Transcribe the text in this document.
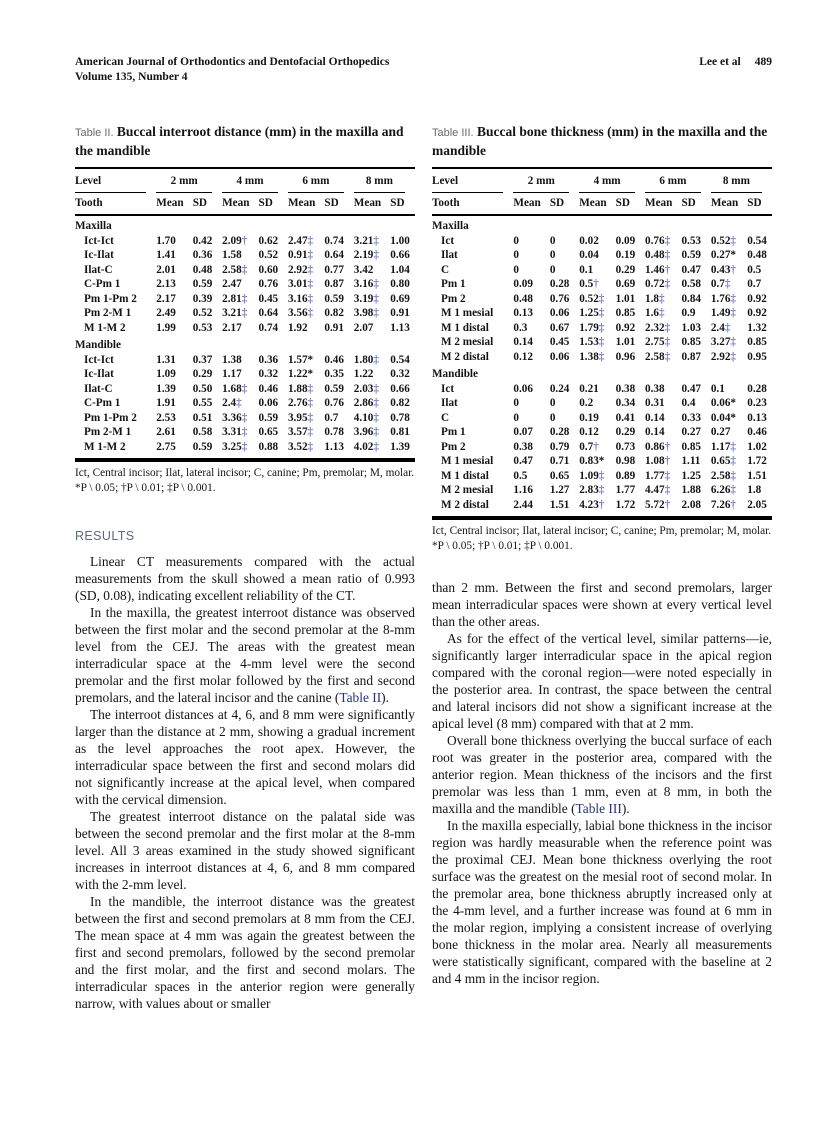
American Journal of Orthodontics and Dentofacial Orthopedics
Volume 135, Number 4
Lee et al 489
Table II. Buccal interroot distance (mm) in the maxilla and the mandible
Level	2 mm		4 mm		6 mm		8 mm	

Tooth	Mean	SD	Mean	SD	Mean	SD	Mean	SD
Maxilla								
Ict-Ict	1.70	0.42	2.09†	0.62	2.47‡	0.74	3.21‡	1.00
Ic-Ilat	1.41	0.36	1.58	0.52	0.91‡	0.64	2.19‡	0.66
Ilat-C	2.01	0.48	2.58‡	0.60	2.92‡	0.77	3.42	1.04
C-Pm 1	2.13	0.59	2.47	0.76	3.01‡	0.87	3.16‡	0.80
Pm 1-Pm 2	2.17	0.39	2.81‡	0.45	3.16‡	0.59	3.19‡	0.69
Pm 2-M 1	2.49	0.52	3.21‡	0.64	3.56‡	0.82	3.98‡	0.91
M 1-M 2	1.99	0.53	2.17	0.74	1.92	0.91	2.07	1.13
Mandible								
Ict-Ict	1.31	0.37	1.38	0.36	1.57*	0.46	1.80‡	0.54
Ic-Ilat	1.09	0.29	1.17	0.32	1.22*	0.35	1.22	0.32
Ilat-C	1.39	0.50	1.68‡	0.46	1.88‡	0.59	2.03‡	0.66
C-Pm 1	1.91	0.55	2.4‡	0.06	2.76‡	0.76	2.86‡	0.82
Pm 1-Pm 2	2.53	0.51	3.36‡	0.59	3.95‡	0.7	4.10‡	0.78
Pm 2-M 1	2.61	0.58	3.31‡	0.65	3.57‡	0.78	3.96‡	0.81
M 1-M 2	2.75	0.59	3.25‡	0.88	3.52‡	1.13	4.02‡	1.39

Ict, Central incisor; Ilat, lateral incisor; C, canine; Pm, premolar; M, molar.

*P \ 0.05; †P \ 0.01; ‡P \ 0.001.

RESULTS

Linear CT measurements compared with the actual measurements from the skull showed a mean ratio of 0.993 (SD, 0.08), indicating excellent reliability of the CT.

In the maxilla, the greatest interroot distance was observed between the first molar and the second premolar at the 8-mm level from the CEJ. The areas with the greatest mean interradicular space at the 4-mm level were the second premolar and the first molar followed by the first and second premolars, and the lateral incisor and the canine (Table II).

The interroot distances at 4, 6, and 8 mm were significantly larger than the distance at 2 mm, showing a gradual increment as the level approaches the root apex. However, the interradicular space between the first and second molars did not significantly increase at the apical level, when compared with the cervical dimension.

The greatest interroot distance on the palatal side was between the second premolar and the first molar at the 8-mm level. All 3 areas examined in the study showed significant increases in interroot distances at 4, 6, and 8 mm compared with the 2-mm level.

In the mandible, the interroot distance was the greatest between the first and second premolars at 8 mm from the CEJ. The mean space at 4 mm was again the greatest between the first and second premolars, followed by the second premolar and the first molar, and the first and second molars. The interradicular spaces in the anterior region were generally narrow, with values about or smaller

Table III. Buccal bone thickness (mm) in the maxilla and the mandible
Level	2 mm		4 mm		6 mm		8 mm	

Tooth	Mean	SD	Mean	SD	Mean	SD	Mean	SD
Maxilla								
Ict	0	0	0.02	0.09	0.76‡	0.53	0.52‡	0.54
Ilat	0	0	0.04	0.19	0.48‡	0.59	0.27*	0.48
C	0	0	0.1	0.29	1.46†	0.47	0.43†	0.5
Pm 1	0.09	0.28	0.5†	0.69	0.72‡	0.58	0.7‡	0.7
Pm 2	0.48	0.76	0.52‡	1.01	1.8‡	0.84	1.76‡	0.92
M 1 mesial	0.13	0.06	1.25‡	0.85	1.6‡	0.9	1.49‡	0.92
M 1 distal	0.3	0.67	1.79‡	0.92	2.32‡	1.03	2.4‡	1.32
M 2 mesial	0.14	0.45	1.53‡	1.01	2.75‡	0.85	3.27‡	0.85
M 2 distal	0.12	0.06	1.38‡	0.96	2.58‡	0.87	2.92‡	0.95
Mandible								
Ict	0.06	0.24	0.21	0.38	0.38	0.47	0.1	0.28
Ilat	0	0	0.2	0.34	0.31	0.4	0.06*	0.23
C	0	0	0.19	0.41	0.14	0.33	0.04*	0.13
Pm 1	0.07	0.28	0.12	0.29	0.14	0.27	0.27	0.46
Pm 2	0.38	0.79	0.7†	0.73	0.86†	0.85	1.17‡	1.02
M 1 mesial	0.47	0.71	0.83*	0.98	1.08†	1.11	0.65‡	1.72
M 1 distal	0.5	0.65	1.09‡	0.89	1.77‡	1.25	2.58‡	1.51
M 2 mesial	1.16	1.27	2.83‡	1.77	4.47‡	1.88	6.26‡	1.8
M 2 distal	2.44	1.51	4.23†	1.72	5.72†	2.08	7.26†	2.05

Ict, Central incisor; Ilat, lateral incisor; C, canine; Pm, premolar; M, molar.

*P \ 0.05; †P \ 0.01; ‡P \ 0.001.

than 2 mm. Between the first and second premolars, larger mean interradicular spaces were shown at every vertical level than the other areas.

As for the effect of the vertical level, similar patterns—ie, significantly larger interradicular space in the apical region compared with the coronal region—were noted especially in the posterior area. In contrast, the space between the central and lateral incisors did not show a significant increase at the apical level (8 mm) compared with that at 2 mm.

Overall bone thickness overlying the buccal surface of each root was greater in the posterior area, compared with the anterior region. Mean thickness of the incisors and the first premolar was less than 1 mm, even at 8 mm, in both the maxilla and the mandible (Table III).

In the maxilla especially, labial bone thickness in the incisor region was hardly measurable when the reference point was the proximal CEJ. Mean bone thickness overlying the root surface was the greatest on the mesial root of second molar. In the premolar area, bone thickness abruptly increased only at the 4-mm level, and a further increase was found at 6 mm in the molar region, implying a consistent increase of overlying bone thickness in the molar area. Nearly all measurements were statistically significant, compared with the baseline at 2 and 4 mm in the incisor region.
